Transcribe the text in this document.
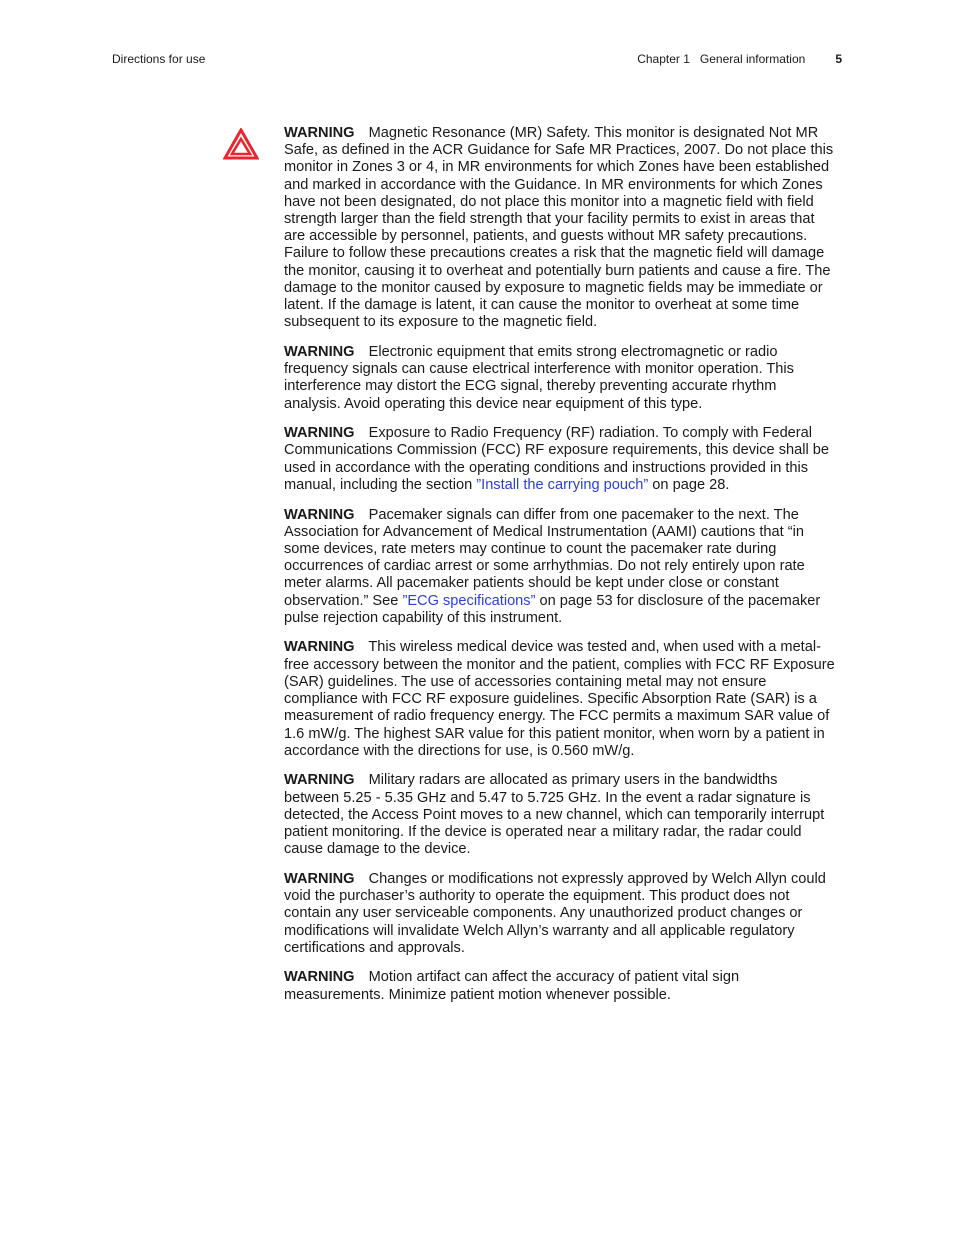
Directions for use	Chapter 1 General information	5

WARNING Magnetic Resonance (MR) Safety. This monitor is designated Not MR Safe, as defined in the ACR Guidance for Safe MR Practices, 2007. Do not place this monitor in Zones 3 or 4, in MR environments for which Zones have been established and marked in accordance with the Guidance. In MR environments for which Zones have not been designated, do not place this monitor into a magnetic field with field strength larger than the field strength that your facility permits to exist in areas that are accessible by personnel, patients, and guests without MR safety precautions. Failure to follow these precautions creates a risk that the magnetic field will damage the monitor, causing it to overheat and potentially burn patients and cause a fire. The damage to the monitor caused by exposure to magnetic fields may be immediate or latent. If the damage is latent, it can cause the monitor to overheat at some time subsequent to its exposure to the magnetic field.

WARNING Electronic equipment that emits strong electromagnetic or radio frequency signals can cause electrical interference with monitor operation. This interference may distort the ECG signal, thereby preventing accurate rhythm analysis. Avoid operating this device near equipment of this type.

WARNING Exposure to Radio Frequency (RF) radiation. To comply with Federal Communications Commission (FCC) RF exposure requirements, this device shall be used in accordance with the operating conditions and instructions provided in this manual, including the section ”Install the carrying pouch” on page 28.

WARNING Pacemaker signals can differ from one pacemaker to the next. The Association for Advancement of Medical Instrumentation (AAMI) cautions that “in some devices, rate meters may continue to count the pacemaker rate during occurrences of cardiac arrest or some arrhythmias. Do not rely entirely upon rate meter alarms. All pacemaker patients should be kept under close or constant observation.” See ”ECG specifications” on page 53 for disclosure of the pacemaker pulse rejection capability of this instrument.

WARNING This wireless medical device was tested and, when used with a metal-free accessory between the monitor and the patient, complies with FCC RF Exposure (SAR) guidelines. The use of accessories containing metal may not ensure compliance with FCC RF exposure guidelines. Specific Absorption Rate (SAR) is a measurement of radio frequency energy. The FCC permits a maximum SAR value of 1.6 mW/g. The highest SAR value for this patient monitor, when worn by a patient in accordance with the directions for use, is 0.560 mW/g.

WARNING Military radars are allocated as primary users in the bandwidths between 5.25 - 5.35 GHz and 5.47 to 5.725 GHz. In the event a radar signature is detected, the Access Point moves to a new channel, which can temporarily interrupt patient monitoring. If the device is operated near a military radar, the radar could cause damage to the device.

WARNING Changes or modifications not expressly approved by Welch Allyn could void the purchaser’s authority to operate the equipment. This product does not contain any user serviceable components. Any unauthorized product changes or modifications will invalidate Welch Allyn’s warranty and all applicable regulatory certifications and approvals.

WARNING Motion artifact can affect the accuracy of patient vital sign measurements. Minimize patient motion whenever possible.
